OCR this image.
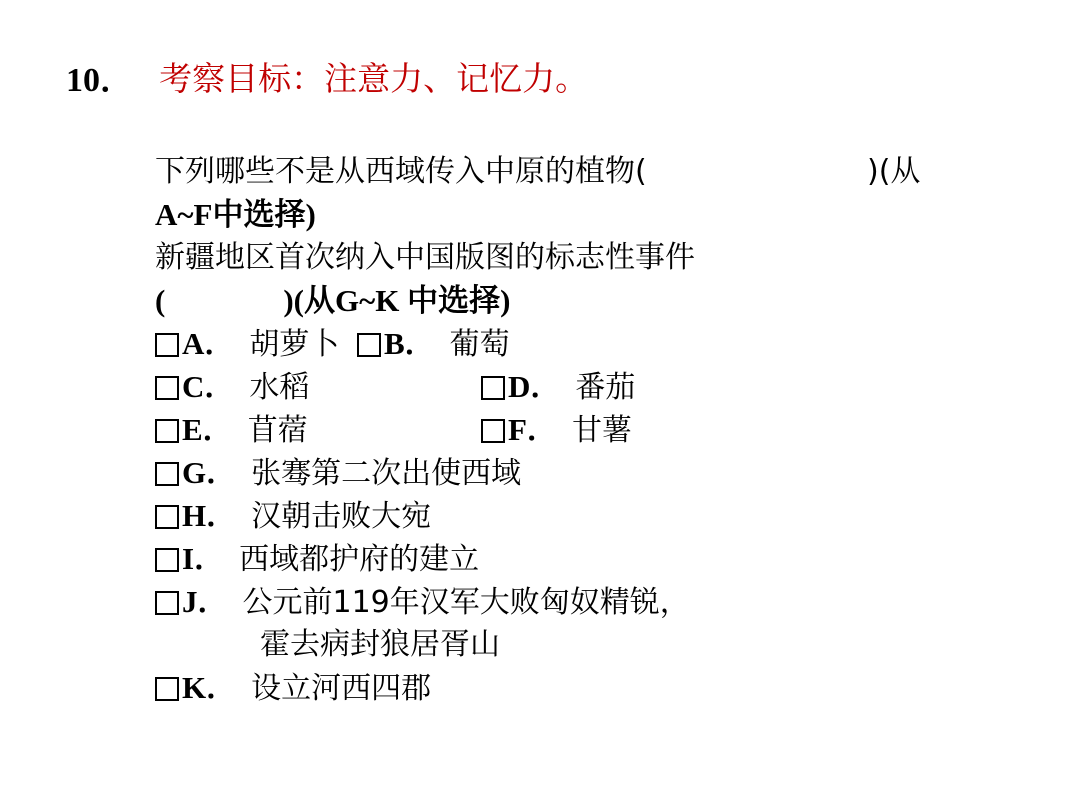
10． 考察目标：注意力、记忆力。
下列哪些不是从西域传入中原的植物(	)(从
A~F中选择)
新疆地区首次纳入中国版图的标志性事件
(	)(从G~K 中选择)
A． 胡萝卜 B． 葡萄
C． 水稻	D． 番茄
E． 苜蓿	F． 甘薯
G． 张骞第二次出使西域
H． 汉朝击败大宛
I． 西域都护府的建立
J． 公元前119年汉军大败匈奴精锐，
霍去病封狼居胥山
K． 设立河西四郡
